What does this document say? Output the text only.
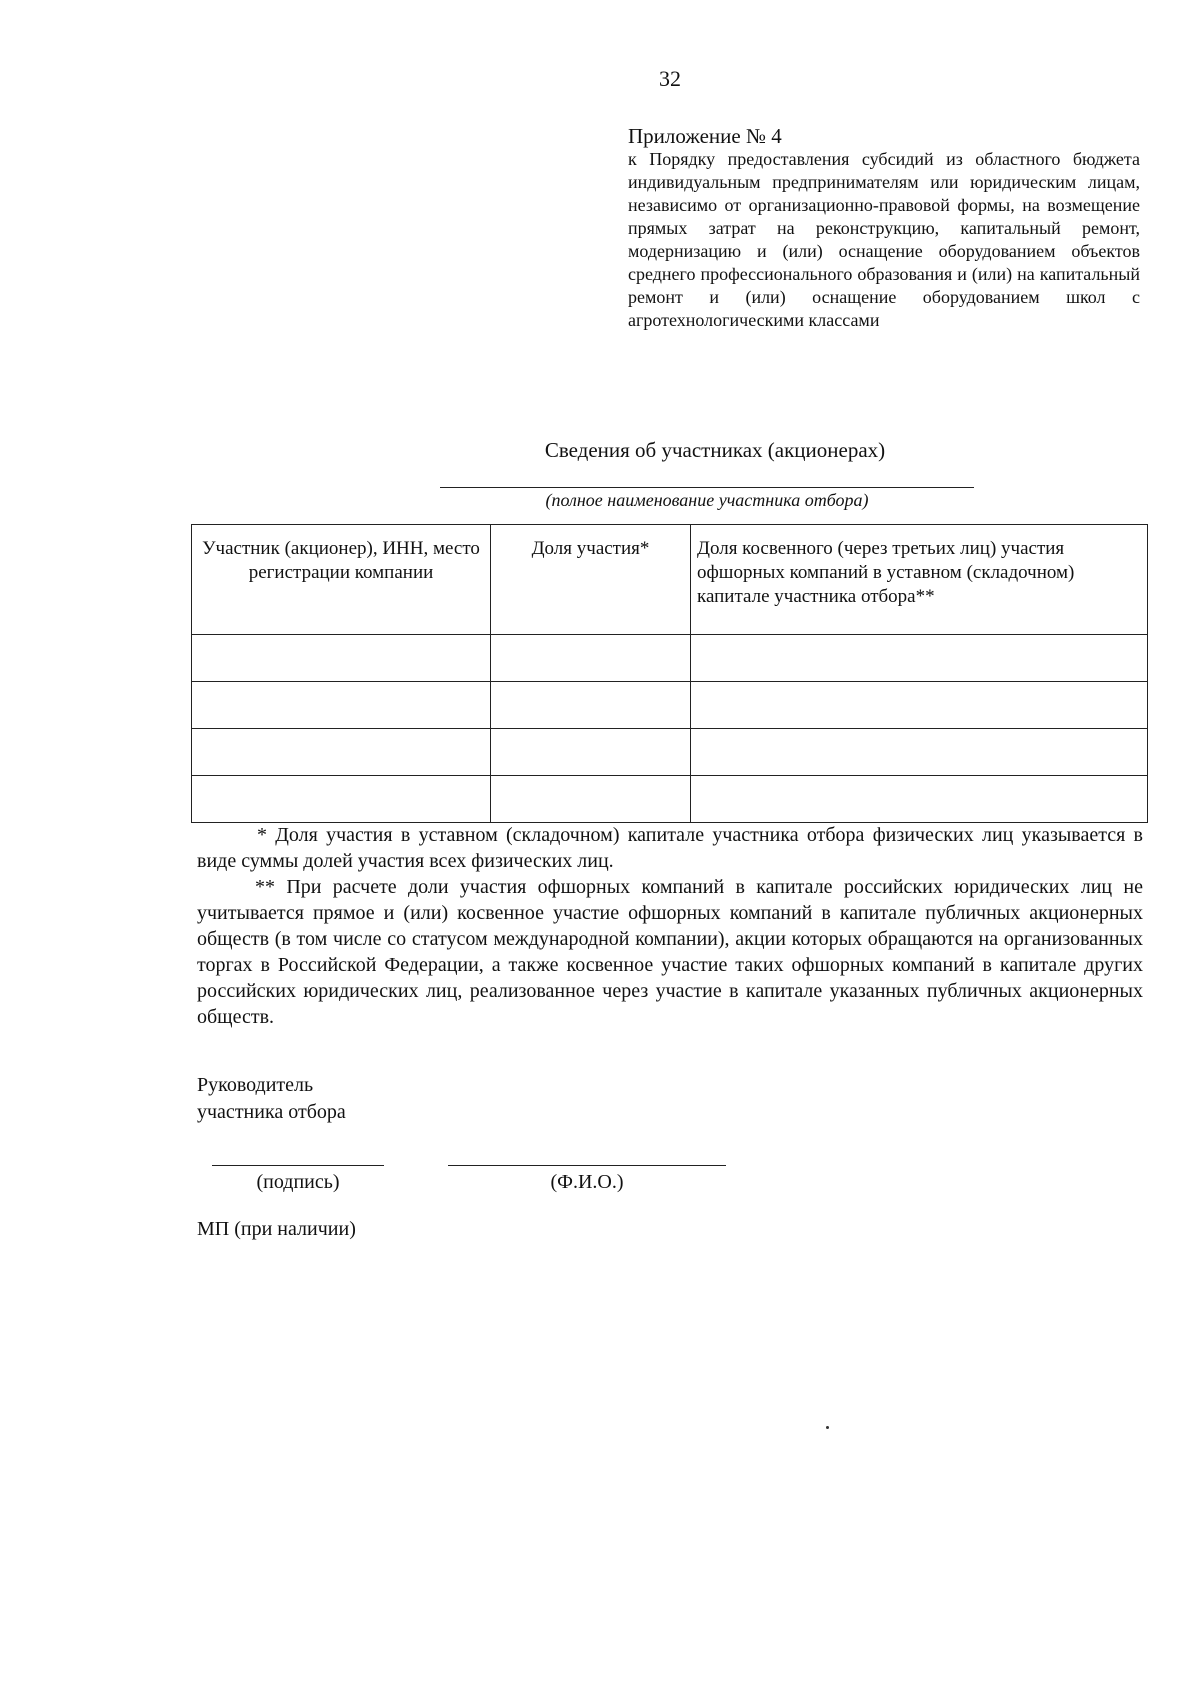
32
Приложение № 4
к Порядку предоставления субсидий из областного бюджета индивидуальным предпринимателям или юридическим лицам, независимо от организационно-правовой формы, на возмещение прямых затрат на реконструкцию, капитальный ремонт, модернизацию и (или) оснащение оборудованием объектов среднего профессионального образования и (или) на капитальный ремонт и (или) оснащение оборудованием школ с агротехнологическими классами
Сведения об участниках (акционерах)
(полное наименование участника отбора)
Участник (акционер), ИНН, место регистрации компании	Доля участия*	Доля косвенного (через третьих лиц) участия офшорных компаний в уставном (складочном) капитале участника отбора**

* Доля участия в уставном (складочном) капитале участника отбора физических лиц указывается в виде суммы долей участия всех физических лиц.

** При расчете доли участия офшорных компаний в капитале российских юридических лиц не учитывается прямое и (или) косвенное участие офшорных компаний в капитале публичных акционерных обществ (в том числе со статусом международной компании), акции которых обращаются на организованных торгах в Российской Федерации, а также косвенное участие таких офшорных компаний в капитале других российских юридических лиц, реализованное через участие в капитале указанных публичных акционерных обществ.

Руководитель
участника отбора
(подпись)	(Ф.И.О.)
МП (при наличии)
